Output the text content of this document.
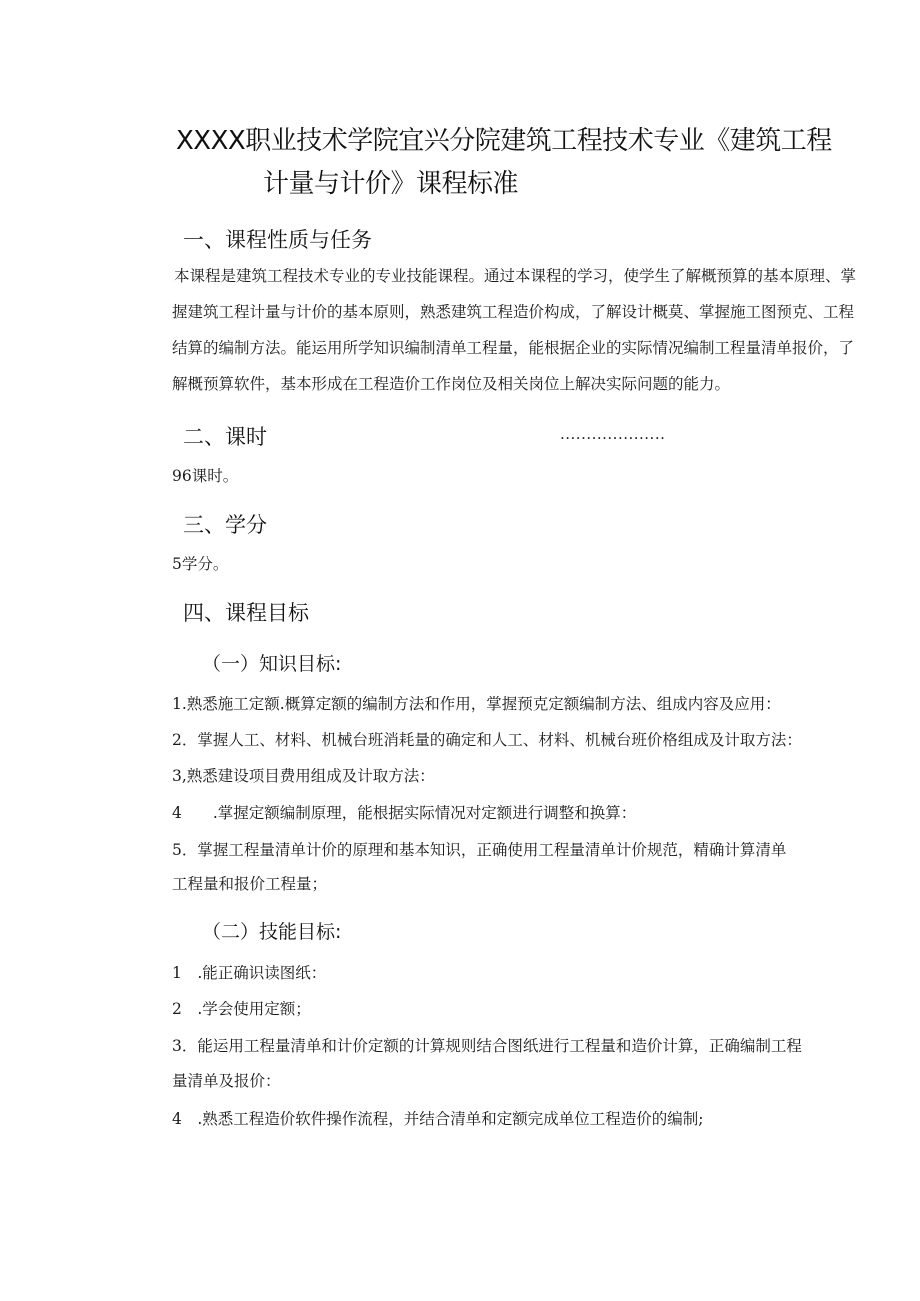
XXXX职业技术学院宜兴分院建筑工程技术专业《建筑工程
计量与计价》课程标准
一、课程性质与任务
本课程是建筑工程技术专业的专业技能课程。通过本课程的学习，使学生了解概预算的基本原理、掌握建筑工程计量与计价的基本原则，熟悉建筑工程造价构成，了解设计概莫、掌握施工图预克、工程结算的编制方法。能运用所学知识编制清单工程量，能根据企业的实际情况编制工程量清单报价，了解概预算软件，基本形成在工程造价工作岗位及相关岗位上解决实际问题的能力。
二、课时	....................
96课时。
三、学分
5学分。
四、课程目标
（一）知识目标:
1.熟悉施工定额.概算定额的编制方法和作用，掌握预克定额编制方法、组成内容及应用：
2．掌握人工、材料、机械台班消耗量的确定和人工、材料、机械台班价格组成及计取方法：
3,熟悉建设项目费用组成及计取方法：
4　　.掌握定额编制原理，能根据实际情况对定额进行调整和换算：
5．掌握工程量清单计价的原理和基本知识，正确使用工程量清单计价规范，精确计算清单
工程量和报价工程量；
（二）技能目标:
1　.能正确识读图纸：
2　.学会使用定额；
3．能运用工程量清单和计价定额的计算规则结合图纸进行工程量和造价计算，正确编制工程
量清单及报价：
4　.熟悉工程造价软件操作流程，并结合清单和定额完成单位工程造价的编制;
